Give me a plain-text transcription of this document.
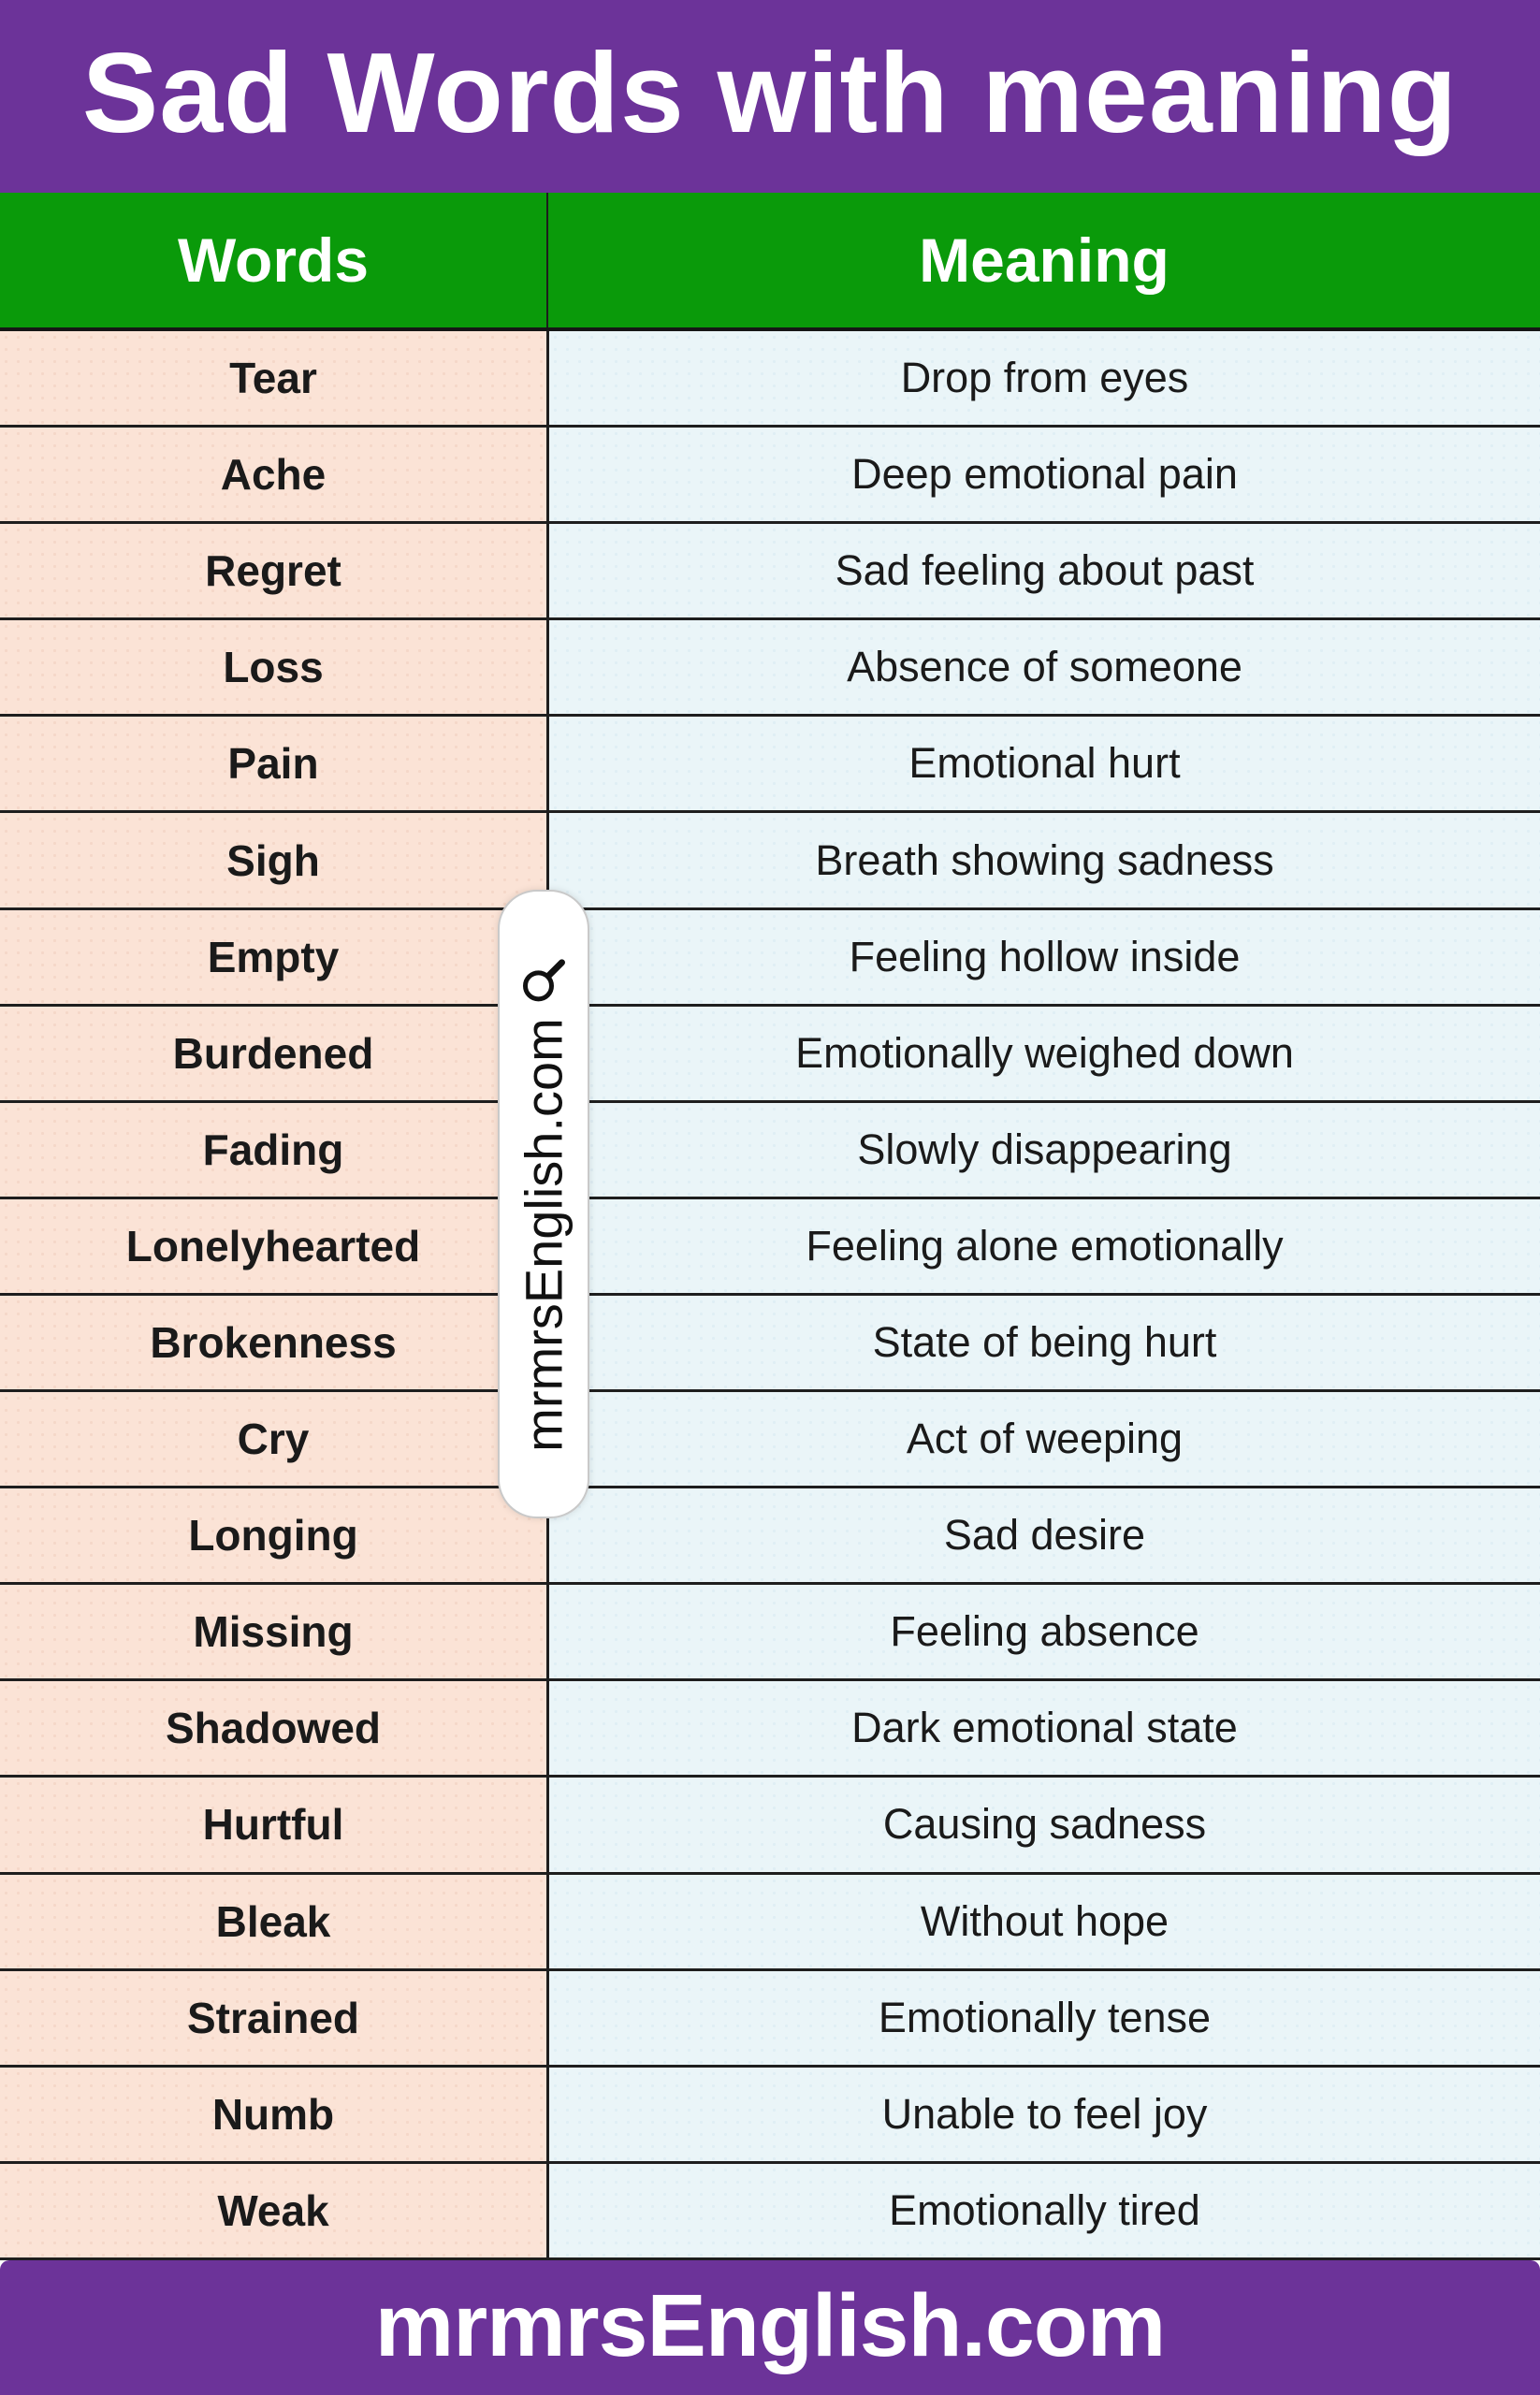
Sad Words with meaning
Words	Meaning
Tear	Drop from eyes
Ache	Deep emotional pain
Regret	Sad feeling about past
Loss	Absence of someone
Pain	Emotional hurt
Sigh	Breath showing sadness
Empty	Feeling hollow inside
Burdened	Emotionally weighed down
Fading	Slowly disappearing
Lonelyhearted	Feeling alone emotionally
Brokenness	State of being hurt
Cry	Act of weeping
Longing	Sad desire
Missing	Feeling absence
Shadowed	Dark emotional state
Hurtful	Causing sadness
Bleak	Without hope
Strained	Emotionally tense
Numb	Unable to feel joy
Weak	Emotionally tired
mrmrsEnglish.com
mrmrsEnglish.com
